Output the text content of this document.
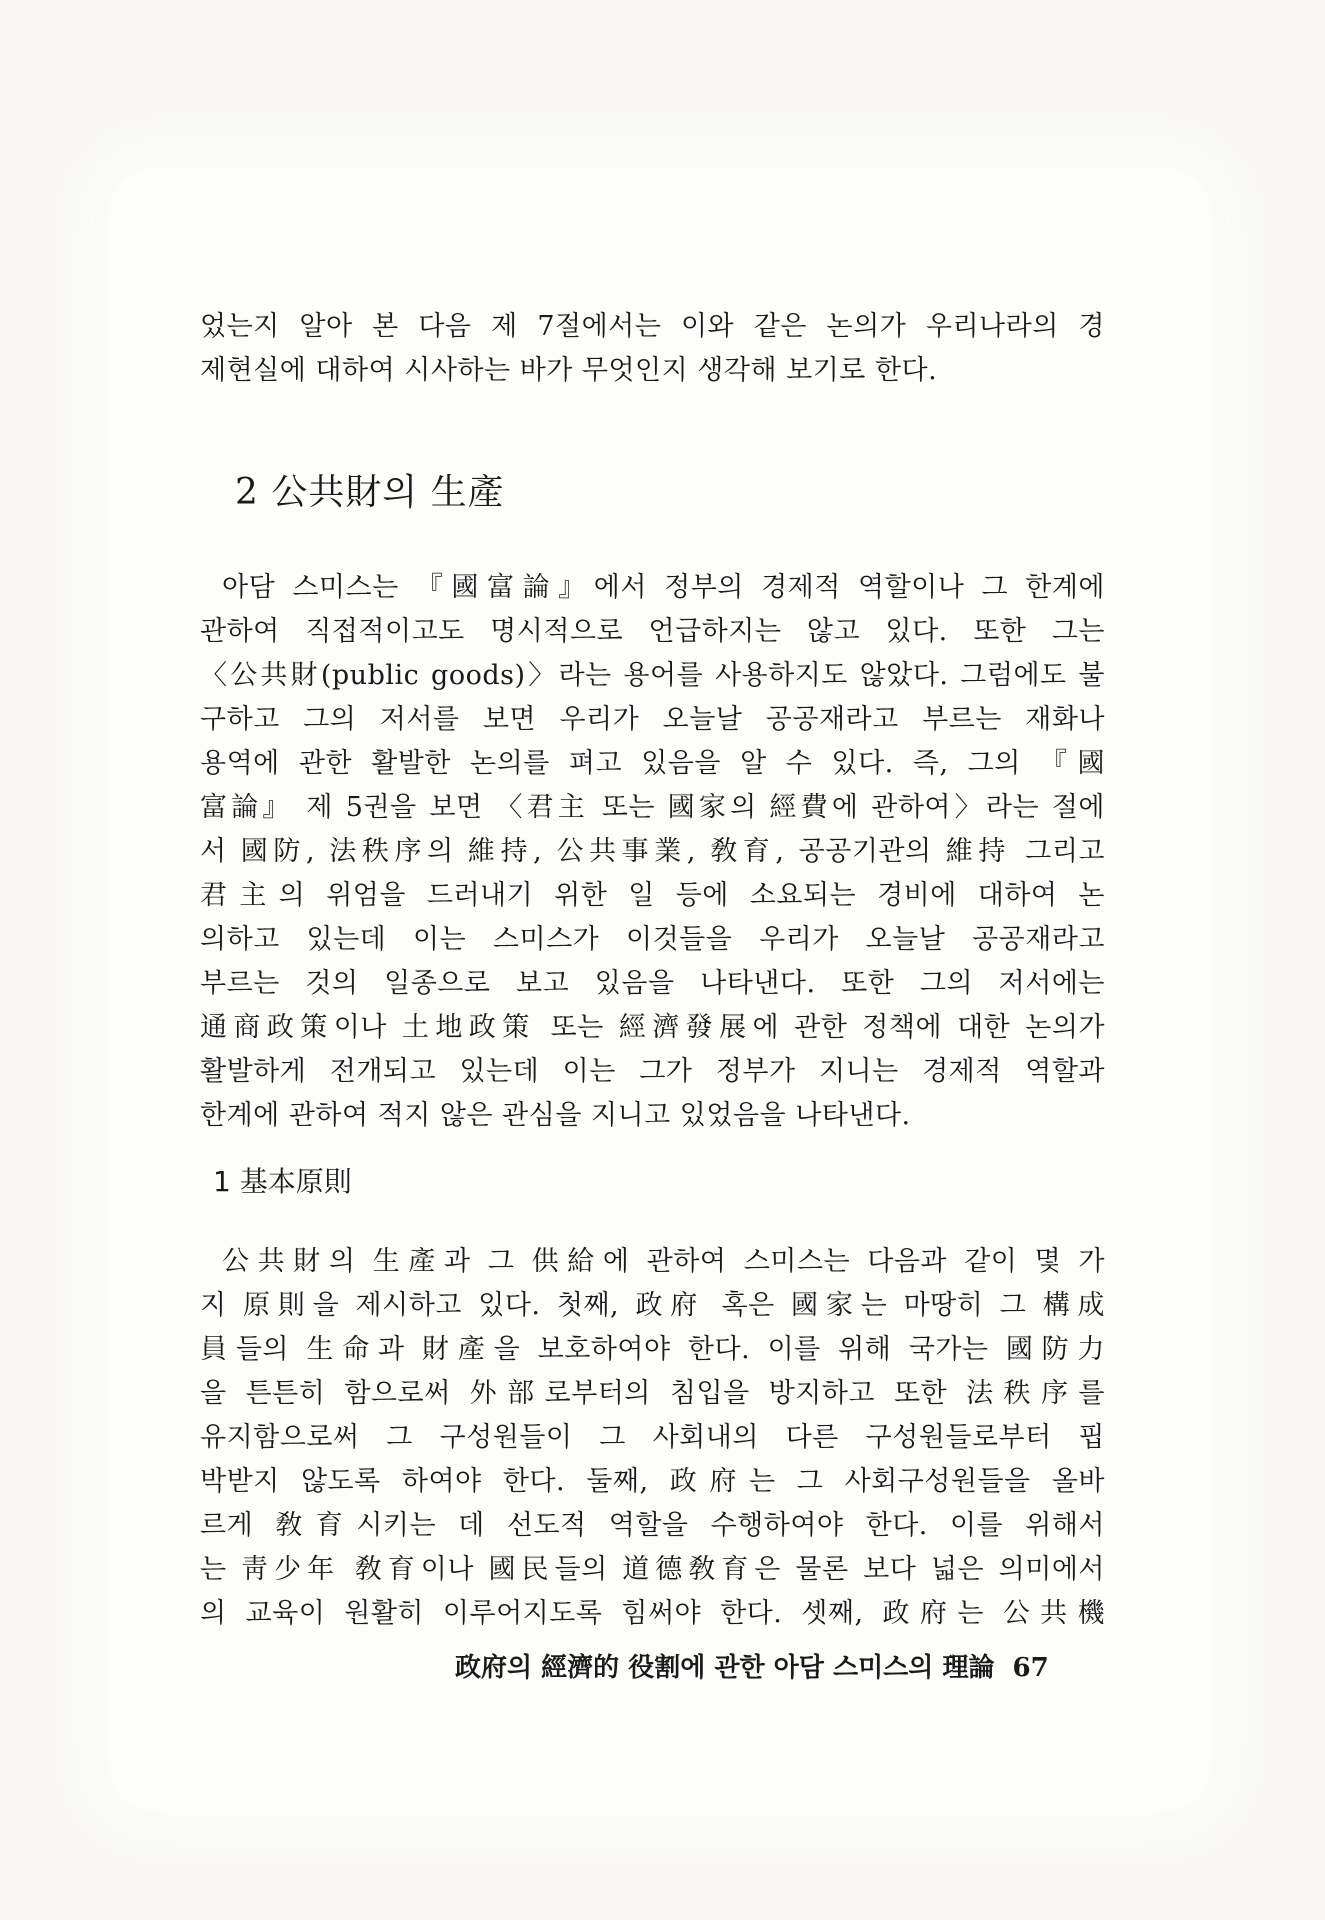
었는지 알아 본 다음 제 7절에서는 이와 같은 논의가 우리나라의 경
제현실에 대하여 시사하는 바가 무엇인지 생각해 보기로 한다.
2 公共財의 生產
아담 스미스는 『國富論』에서 정부의 경제적 역할이나 그 한계에
관하여 직접적이고도 명시적으로 언급하지는 않고 있다. 또한 그는
〈公共財(public goods)〉라는 용어를 사용하지도 않았다. 그럼에도 불
구하고 그의 저서를 보면 우리가 오늘날 공공재라고 부르는 재화나
용역에 관한 활발한 논의를 펴고 있음을 알 수 있다. 즉, 그의 『國
富論』 제 5권을 보면 〈君主 또는 國家의 經費에 관하여〉라는 절에
서 國防, 法秩序의 維持, 公共事業, 敎育, 공공기관의 維持 그리고
君主의 위엄을 드러내기 위한 일 등에 소요되는 경비에 대하여 논
의하고 있는데 이는 스미스가 이것들을 우리가 오늘날 공공재라고
부르는 것의 일종으로 보고 있음을 나타낸다. 또한 그의 저서에는
通商政策이나 土地政策 또는 經濟發展에 관한 정책에 대한 논의가
활발하게 전개되고 있는데 이는 그가 정부가 지니는 경제적 역할과
한계에 관하여 적지 않은 관심을 지니고 있었음을 나타낸다.
1 基本原則
公共財의 生產과 그 供給에 관하여 스미스는 다음과 같이 몇 가
지 原則을 제시하고 있다. 첫째, 政府 혹은 國家는 마땅히 그 構成
員들의 生命과 財產을 보호하여야 한다. 이를 위해 국가는 國防力
을 튼튼히 함으로써 外部로부터의 침입을 방지하고 또한 法秩序를
유지함으로써 그 구성원들이 그 사회내의 다른 구성원들로부터 핍
박받지 않도록 하여야 한다. 둘째, 政府는 그 사회구성원들을 올바
르게 敎育시키는 데 선도적 역할을 수행하여야 한다. 이를 위해서
는 靑少年 敎育이나 國民들의 道德敎育은 물론 보다 넓은 의미에서
의 교육이 원활히 이루어지도록 힘써야 한다. 셋째, 政府는 公共機
政府의 經濟的 役割에 관한 아담 스미스의 理論 67
